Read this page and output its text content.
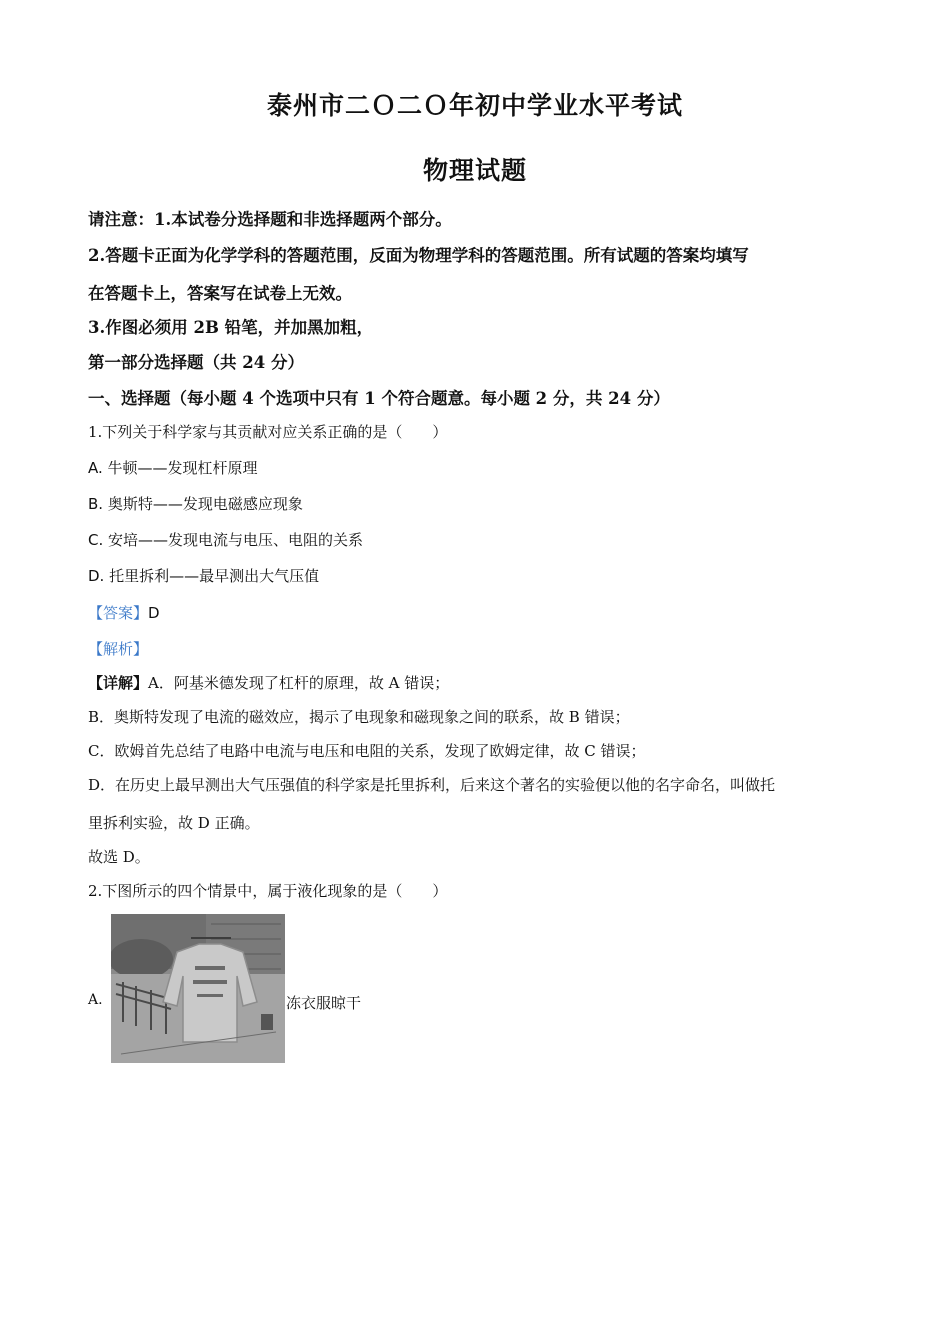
泰州市二Ｏ二Ｏ年初中学业水平考试
物理试题
请注意：1.本试卷分选择题和非选择题两个部分。
2.答题卡正面为化学学科的答题范围，反面为物理学科的答题范围。所有试题的答案均填写
在答题卡上，答案写在试卷上无效。
3.作图必须用 2B 铅笔，并加黑加粗，
第一部分选择题（共 24 分）
一、选择题（每小题 4 个选项中只有 1 个符合题意。每小题 2 分，共 24 分）
1.下列关于科学家与其贡献对应关系正确的是（　　）
A. 牛顿——发现杠杆原理
B. 奥斯特——发现电磁感应现象
C. 安培——发现电流与电压、电阻的关系
D. 托里拆利——最早测出大气压值
【答案】D
【解析】
【详解】A．阿基米德发现了杠杆的原理，故 A 错误；
B．奥斯特发现了电流的磁效应，揭示了电现象和磁现象之间的联系，故 B 错误；
C．欧姆首先总结了电路中电流与电压和电阻的关系，发现了欧姆定律，故 C 错误；
D．在历史上最早测出大气压强值的科学家是托里拆利，后来这个著名的实验便以他的名字命名，叫做托
里拆利实验，故 D 正确。
故选 D。
2.下图所示的四个情景中，属于液化现象的是（　　）
A.	冻衣服晾干
